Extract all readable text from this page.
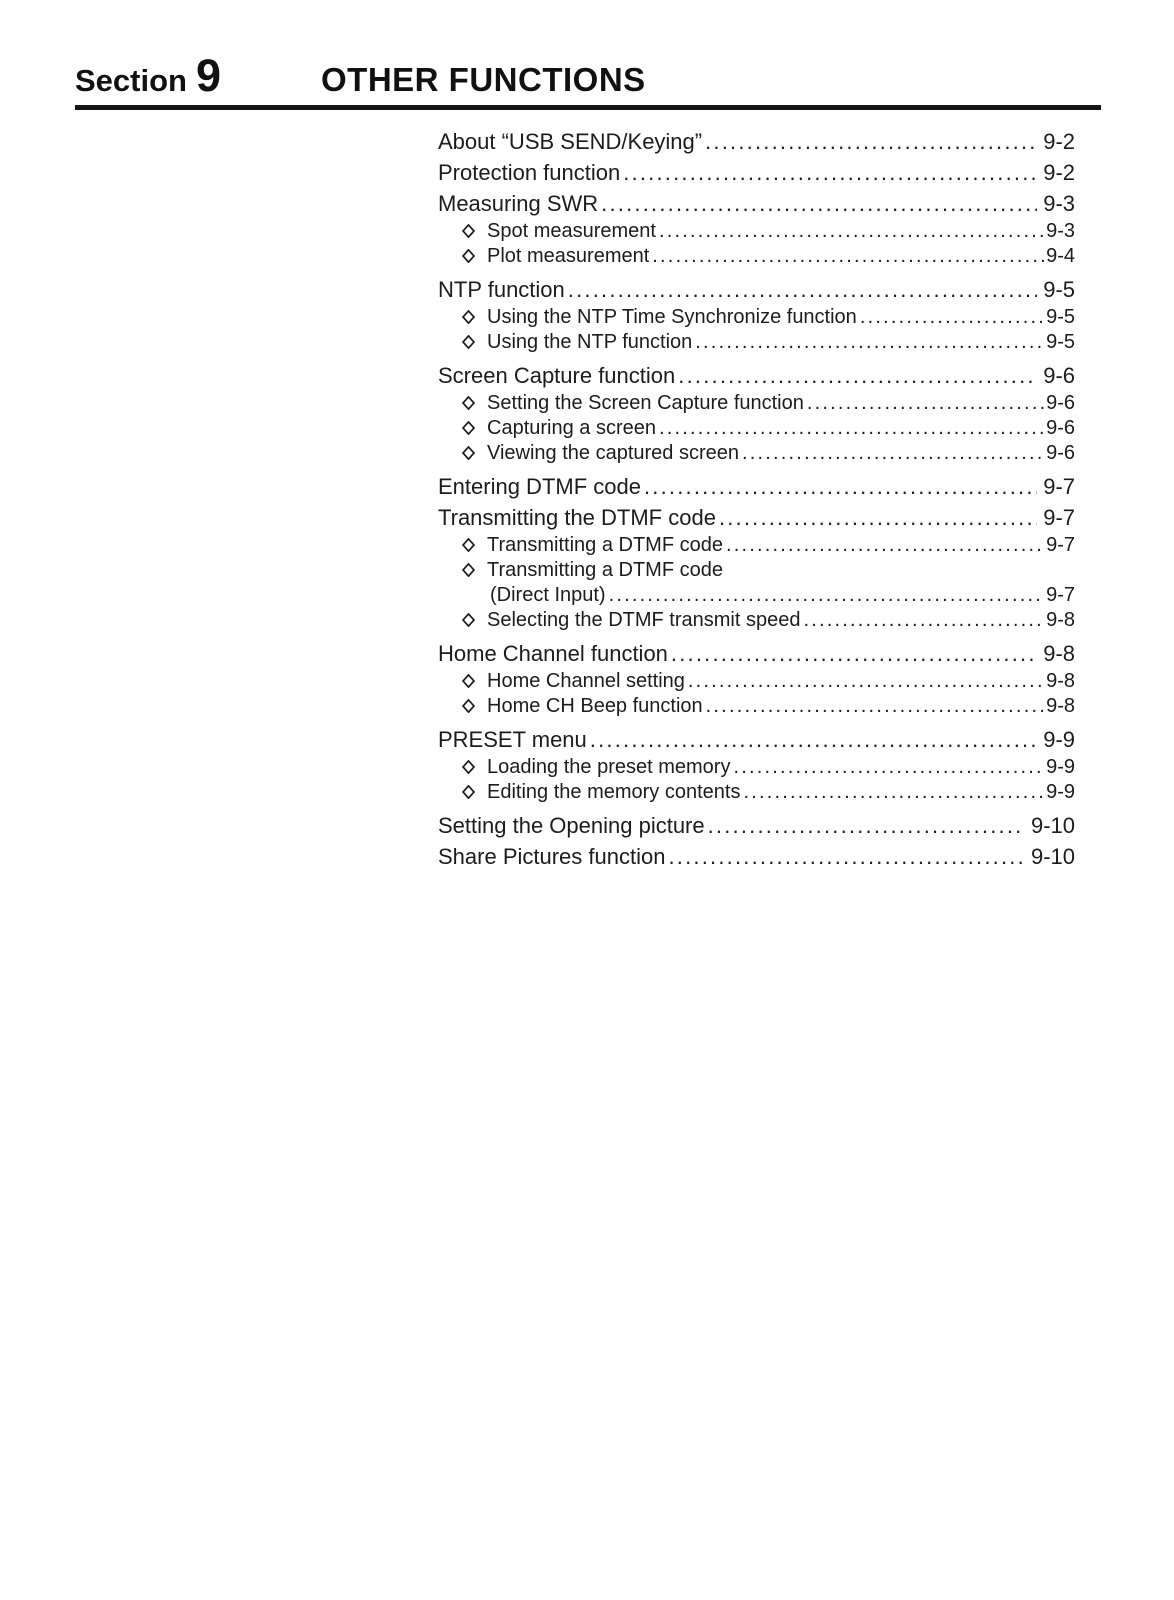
Section 9	OTHER FUNCTIONS
About “USB SEND/Keying” .....	9-2
Protection function .....	9-2
Measuring SWR .....	9-3
Spot measurement .....	9-3
Plot measurement .....	9-4
NTP function .....	9-5
Using the NTP Time Synchronize function .....	9-5
Using the NTP function .....	9-5
Screen Capture function .....	9-6
Setting the Screen Capture function .....	9-6
Capturing a screen .....	9-6
Viewing the captured screen .....	9-6
Entering DTMF code .....	9-7
Transmitting the DTMF code .....	9-7
Transmitting a DTMF code .....	9-7
Transmitting a DTMF code
(Direct Input) .....	9-7
Selecting the DTMF transmit speed .....	9-8
Home Channel function .....	9-8
Home Channel setting .....	9-8
Home CH Beep function .....	9-8
PRESET menu .....	9-9
Loading the preset memory .....	9-9
Editing the memory contents .....	9-9
Setting the Opening picture .....	9-10
Share Pictures function .....	9-10
